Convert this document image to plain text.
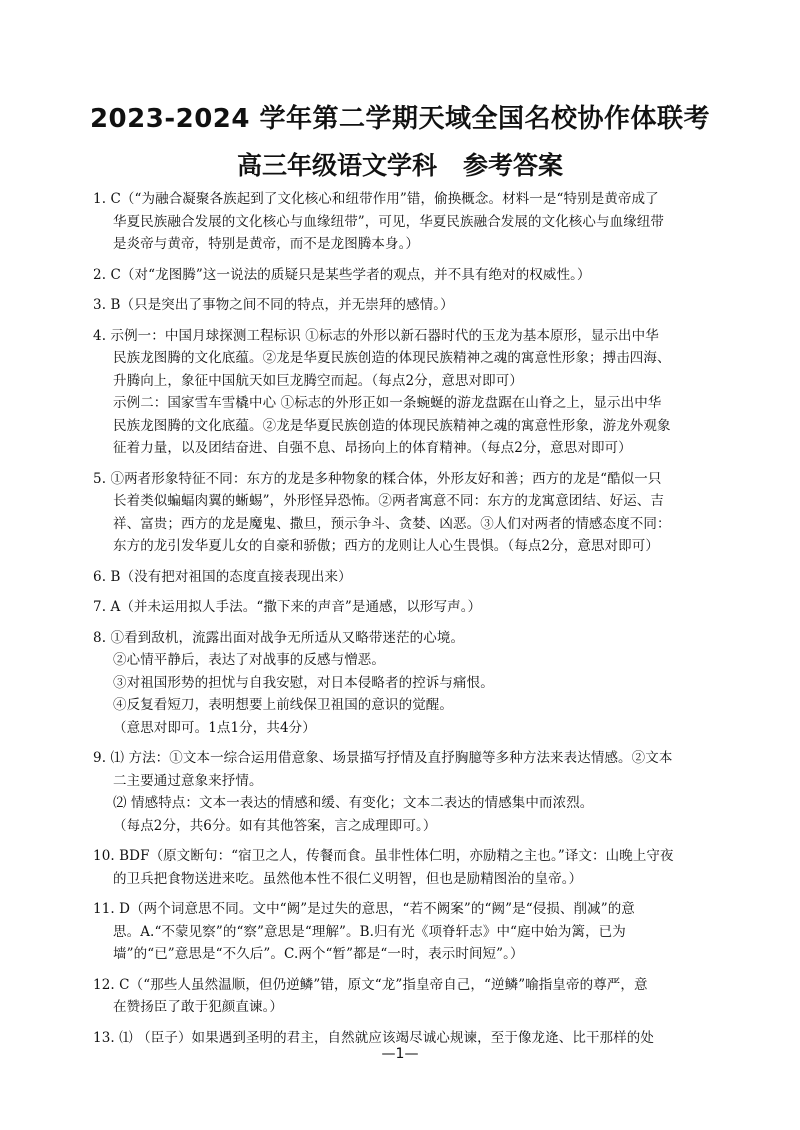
2023-2024 学年第二学期天域全国名校协作体联考
高三年级语文学科   参考答案
1. C（“为融合凝聚各族起到了文化核心和纽带作用”错，偷换概念。材料一是“特别是黄帝成了
华夏民族融合发展的文化核心与血缘纽带”，可见，华夏民族融合发展的文化核心与血缘纽带
是炎帝与黄帝，特别是黄帝，而不是龙图腾本身。）
2. C（对“龙图腾”这一说法的质疑只是某些学者的观点，并不具有绝对的权威性。）
3. B（只是突出了事物之间不同的特点，并无崇拜的感情。）
4. 示例一：中国月球探测工程标识 ①标志的外形以新石器时代的玉龙为基本原形，显示出中华
民族龙图腾的文化底蕴。②龙是华夏民族创造的体现民族精神之魂的寓意性形象；搏击四海、
升腾向上，象征中国航天如巨龙腾空而起。（每点2分，意思对即可）
示例二：国家雪车雪橇中心 ①标志的外形正如一条蜿蜒的游龙盘踞在山脊之上，显示出中华
民族龙图腾的文化底蕴。②龙是华夏民族创造的体现民族精神之魂的寓意性形象，游龙外观象
征着力量，以及团结奋进、自强不息、昂扬向上的体育精神。（每点2分，意思对即可）
5. ①两者形象特征不同：东方的龙是多种物象的糅合体，外形友好和善；西方的龙是“酷似一只
长着类似蝙蝠肉翼的蜥蜴”，外形怪异恐怖。②两者寓意不同：东方的龙寓意团结、好运、吉
祥、富贵；西方的龙是魔鬼、撒旦，预示争斗、贪婪、凶恶。③人们对两者的情感态度不同：
东方的龙引发华夏儿女的自豪和骄傲；西方的龙则让人心生畏惧。（每点2分，意思对即可）
6. B（没有把对祖国的态度直接表现出来）
7. A（并未运用拟人手法。“撒下来的声音”是通感，以形写声。）
8. ①看到敌机，流露出面对战争无所适从又略带迷茫的心境。
②心情平静后，表达了对战事的反感与憎恶。
③对祖国形势的担忧与自我安慰，对日本侵略者的控诉与痛恨。
④反复看短刀，表明想要上前线保卫祖国的意识的觉醒。
（意思对即可。1点1分，共4分）
9. ⑴ 方法：①文本一综合运用借意象、场景描写抒情及直抒胸臆等多种方法来表达情感。②文本
二主要通过意象来抒情。
⑵ 情感特点：文本一表达的情感和缓、有变化；文本二表达的情感集中而浓烈。
（每点2分，共6分。如有其他答案，言之成理即可。）
10. BDF（原文断句：“宿卫之人，传餐而食。虽非性体仁明，亦励精之主也。”译文：山晚上守夜
的卫兵把食物送进来吃。虽然他本性不很仁义明智，但也是励精图治的皇帝。）
11. D（两个词意思不同。文中“阙”是过失的意思，“若不阙案”的“阙”是“侵损、削减”的意
思。A.“不蒙见察”的“察”意思是“理解”。B.归有光《项脊轩志》中“庭中始为篱，已为
墙”的“已”意思是“不久后”。C.两个“暂”都是“一时，表示时间短”。）
12. C（“那些人虽然温顺，但仍逆鳞”错，原文“龙”指皇帝自己，“逆鳞”喻指皇帝的尊严，意
在赞扬臣了敢于犯颜直谏。）
13. ⑴ （臣子）如果遇到圣明的君主，自然就应该竭尽诚心规谏，至于像龙逄、比干那样的处
—1—
